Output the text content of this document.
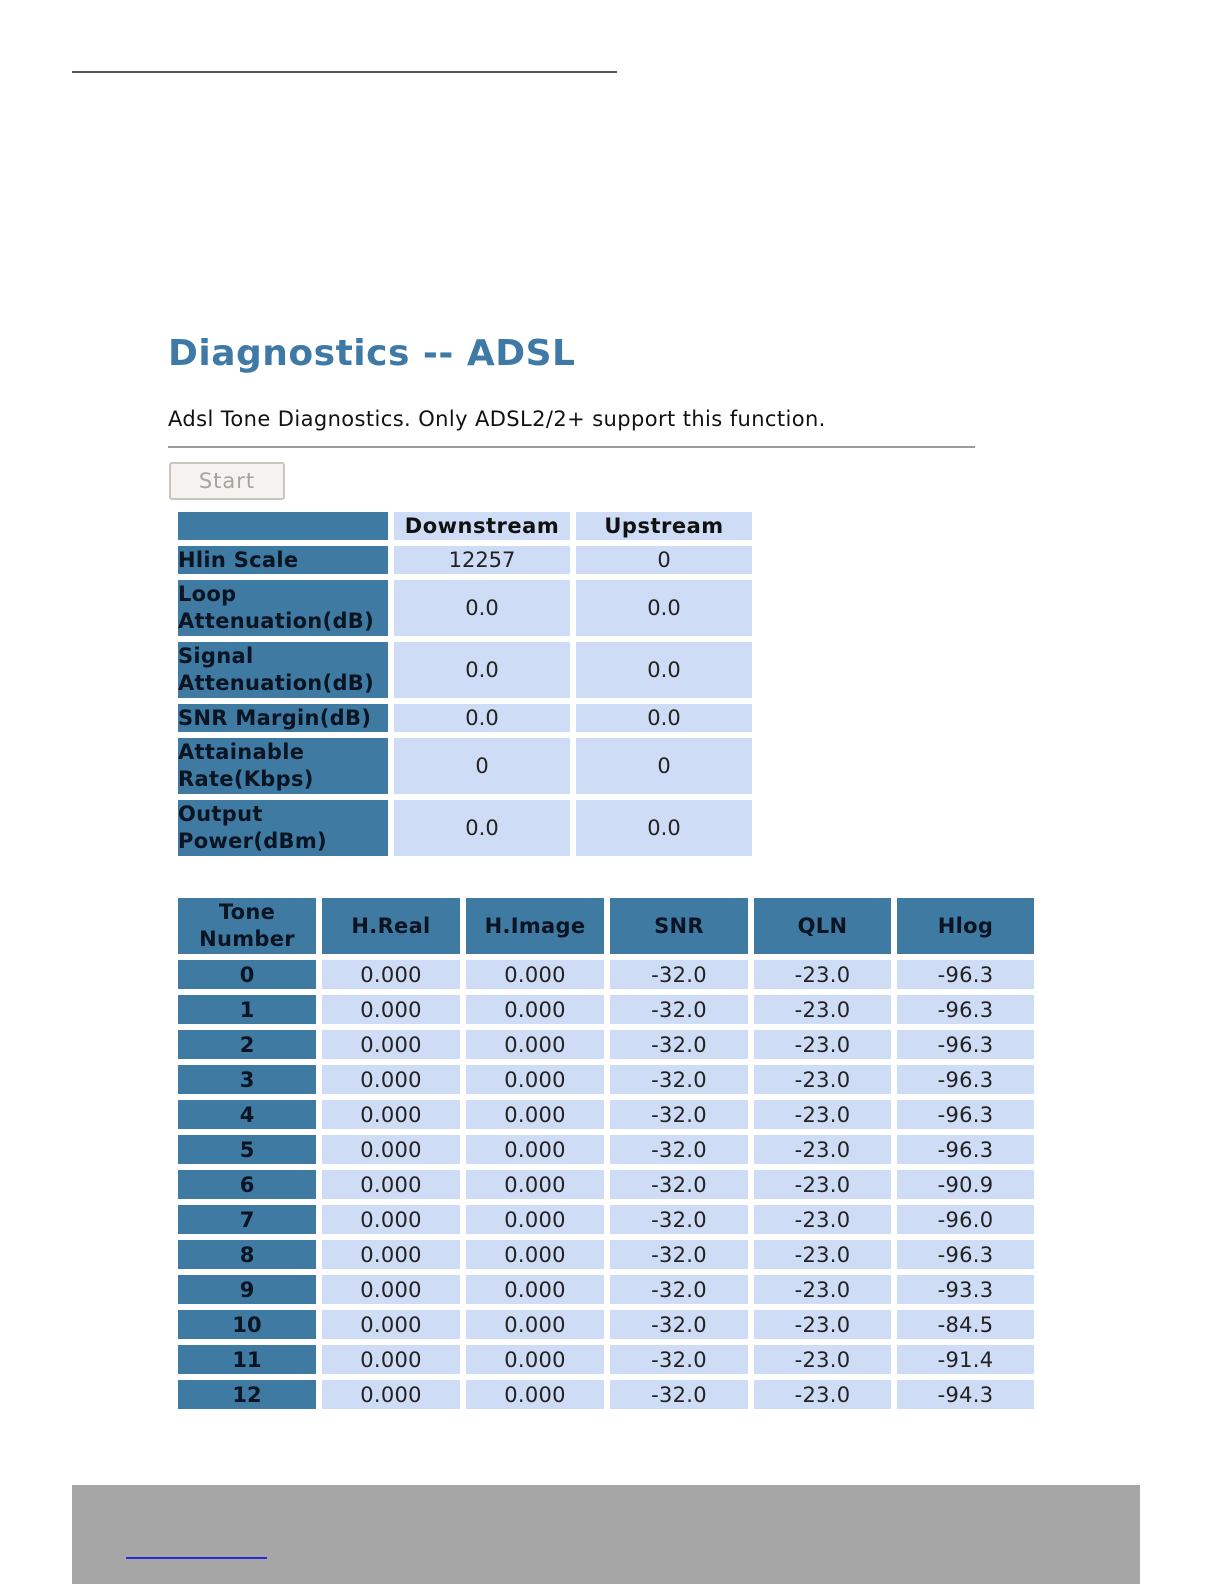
Diagnostics -- ADSL

Adsl Tone Diagnostics. Only ADSL2/2+ support this function.

Start
	Downstream	Upstream
Hlin Scale	12257	0
Loop
Attenuation(dB)	0.0	0.0
Signal
Attenuation(dB)	0.0	0.0
SNR Margin(dB)	0.0	0.0
Attainable
Rate(Kbps)	0	0
Output
Power(dBm)	0.0	0.0
Tone
Number	H.Real	H.Image	SNR	QLN	Hlog
0	0.000	0.000	-32.0	-23.0	-96.3
1	0.000	0.000	-32.0	-23.0	-96.3
2	0.000	0.000	-32.0	-23.0	-96.3
3	0.000	0.000	-32.0	-23.0	-96.3
4	0.000	0.000	-32.0	-23.0	-96.3
5	0.000	0.000	-32.0	-23.0	-96.3
6	0.000	0.000	-32.0	-23.0	-90.9
7	0.000	0.000	-32.0	-23.0	-96.0
8	0.000	0.000	-32.0	-23.0	-96.3
9	0.000	0.000	-32.0	-23.0	-93.3
10	0.000	0.000	-32.0	-23.0	-84.5
11	0.000	0.000	-32.0	-23.0	-91.4
12	0.000	0.000	-32.0	-23.0	-94.3
